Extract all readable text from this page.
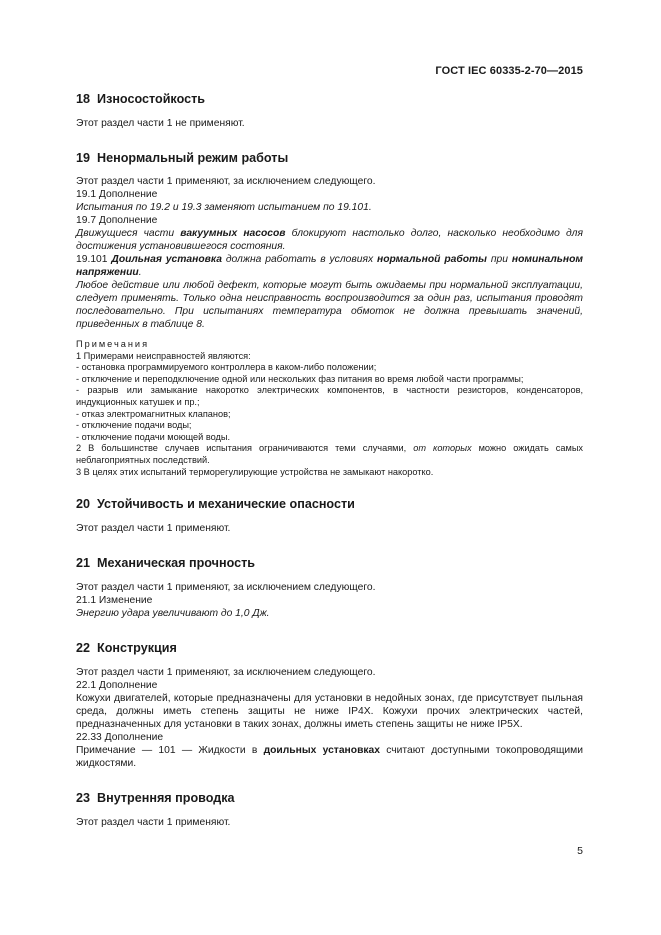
ГОСТ IEC 60335-2-70—2015

18 Износостойкость

Этот раздел части 1 не применяют.

19 Ненормальный режим работы

Этот раздел части 1 применяют, за исключением следующего.

19.1 Дополнение

Испытания по 19.2 и 19.3 заменяют испытанием по 19.101.

19.7 Дополнение

Движущиеся части вакуумных насосов блокируют настолько долго, насколько необходимо для достижения установившегося состояния.

19.101 Доильная установка должна работать в условиях нормальной работы при номинальном напряжении.

Любое действие или любой дефект, которые могут быть ожидаемы при нормальной эксплуатации, следует применять. Только одна неисправность воспроизводится за один раз, испытания проводят последовательно. При испытаниях температура обмоток не должна превышать значений, приведенных в таблице 8.

Примечания

1 Примерами неисправностей являются:

- остановка программируемого контроллера в каком-либо положении;

- отключение и переподключение одной или нескольких фаз питания во время любой части программы;

- разрыв или замыкание накоротко электрических компонентов, в частности резисторов, конденсаторов, индукционных катушек и пр.;

- отказ электромагнитных клапанов;

- отключение подачи воды;

- отключение подачи моющей воды.

2 В большинстве случаев испытания ограничиваются теми случаями, от которых можно ожидать самых неблагоприятных последствий.

3 В целях этих испытаний терморегулирующие устройства не замыкают накоротко.

20 Устойчивость и механические опасности

Этот раздел части 1 применяют.

21 Механическая прочность

Этот раздел части 1 применяют, за исключением следующего.

21.1 Изменение

Энергию удара увеличивают до 1,0 Дж.

22 Конструкция

Этот раздел части 1 применяют, за исключением следующего.

22.1 Дополнение

Кожухи двигателей, которые предназначены для установки в недойных зонах, где присутствует пыльная среда, должны иметь степень защиты не ниже IP4X. Кожухи прочих электрических частей, предназначенных для установки в таких зонах, должны иметь степень защиты не ниже IP5X.

22.33 Дополнение

Примечание — 101 — Жидкости в доильных установках считают доступными токопроводящими жидкостями.

23 Внутренняя проводка

Этот раздел части 1 применяют.

5
